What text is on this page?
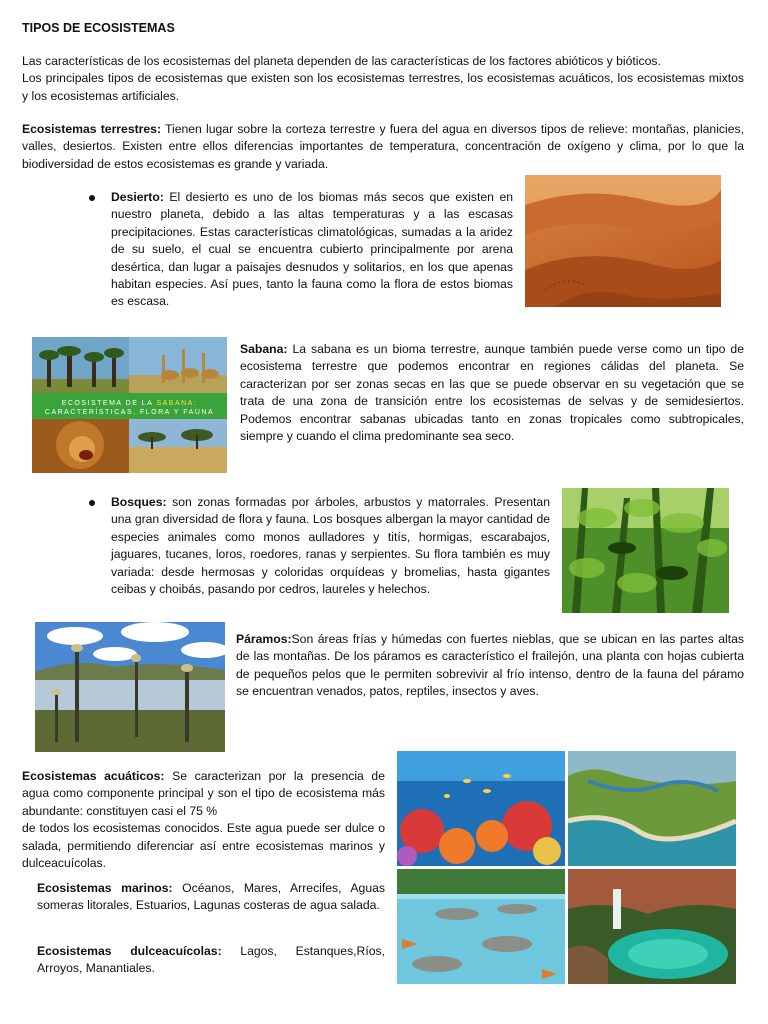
TIPOS DE ECOSISTEMAS

Las características de los ecosistemas del planeta dependen de las características de los factores abióticos y bióticos.

Los principales tipos de ecosistemas que existen son los ecosistemas terrestres, los ecosistemas acuáticos, los ecosistemas mixtos y los ecosistemas artificiales.

Ecosistemas terrestres: Tienen lugar sobre la corteza terrestre y fuera del agua en diversos tipos de relieve: montañas, planicies, valles, desiertos. Existen entre ellos diferencias importantes de temperatura, concentración de oxígeno y clima, por lo que la biodiversidad de estos ecosistemas es grande y variada.

Desierto: El desierto es uno de los biomas más secos que existen en nuestro planeta, debido a las altas temperaturas y a las escasas precipitaciones. Estas características climatológicas, sumadas a la aridez de su suelo, el cual se encuentra cubierto principalmente por arena desértica, dan lugar a paisajes desnudos y solitarios, en los que apenas habitan especies. Así pues, tanto la fauna como la flora de estos biomas es escasa.

ECOSISTEMA DE LA SABANA:
CARACTERÍSTICAS, FLORA Y FAUNA

Sabana: La sabana es un bioma terrestre, aunque también puede verse como un tipo de ecosistema terrestre que podemos encontrar en regiones cálidas del planeta. Se caracterizan por ser zonas secas en las que se puede observar en su vegetación que se trata de una zona de transición entre los ecosistemas de selvas y de semidesiertos. Podemos encontrar sabanas ubicadas tanto en zonas tropicales como subtropicales, siempre y cuando el clima predominante sea seco.

Bosques: son zonas formadas por árboles, arbustos y matorrales. Presentan una gran diversidad de flora y fauna. Los bosques albergan la mayor cantidad de especies animales como monos aulladores y titís, hormigas, escarabajos, jaguares, tucanes, loros, roedores, ranas y serpientes. Su flora también es muy variada: desde hermosas y coloridas orquídeas y bromelias, hasta gigantes ceibas y choibás, pasando por cedros, laureles y helechos.

Páramos:Son áreas frías y húmedas con fuertes nieblas, que se ubican en las partes altas de las montañas. De los páramos es característico el frailejón, una planta con hojas cubierta de pequeños pelos que le permiten sobrevivir al frío intenso, dentro de la fauna del páramo se encuentran venados, patos, reptiles, insectos y aves.

Ecosistemas acuáticos: Se caracterizan por la presencia de agua como componente principal y son el tipo de ecosistema más abundante: constituyen casi el 75 %
de todos los ecosistemas conocidos. Este agua puede ser dulce o salada, permitiendo diferenciar así entre ecosistemas marinos y dulceacuícolas.

Ecosistemas marinos: Océanos, Mares, Arrecifes, Aguas someras litorales, Estuarios, Lagunas costeras de agua salada.

Ecosistemas dulceacuícolas: Lagos, Estanques,Ríos, Arroyos, Manantiales.
